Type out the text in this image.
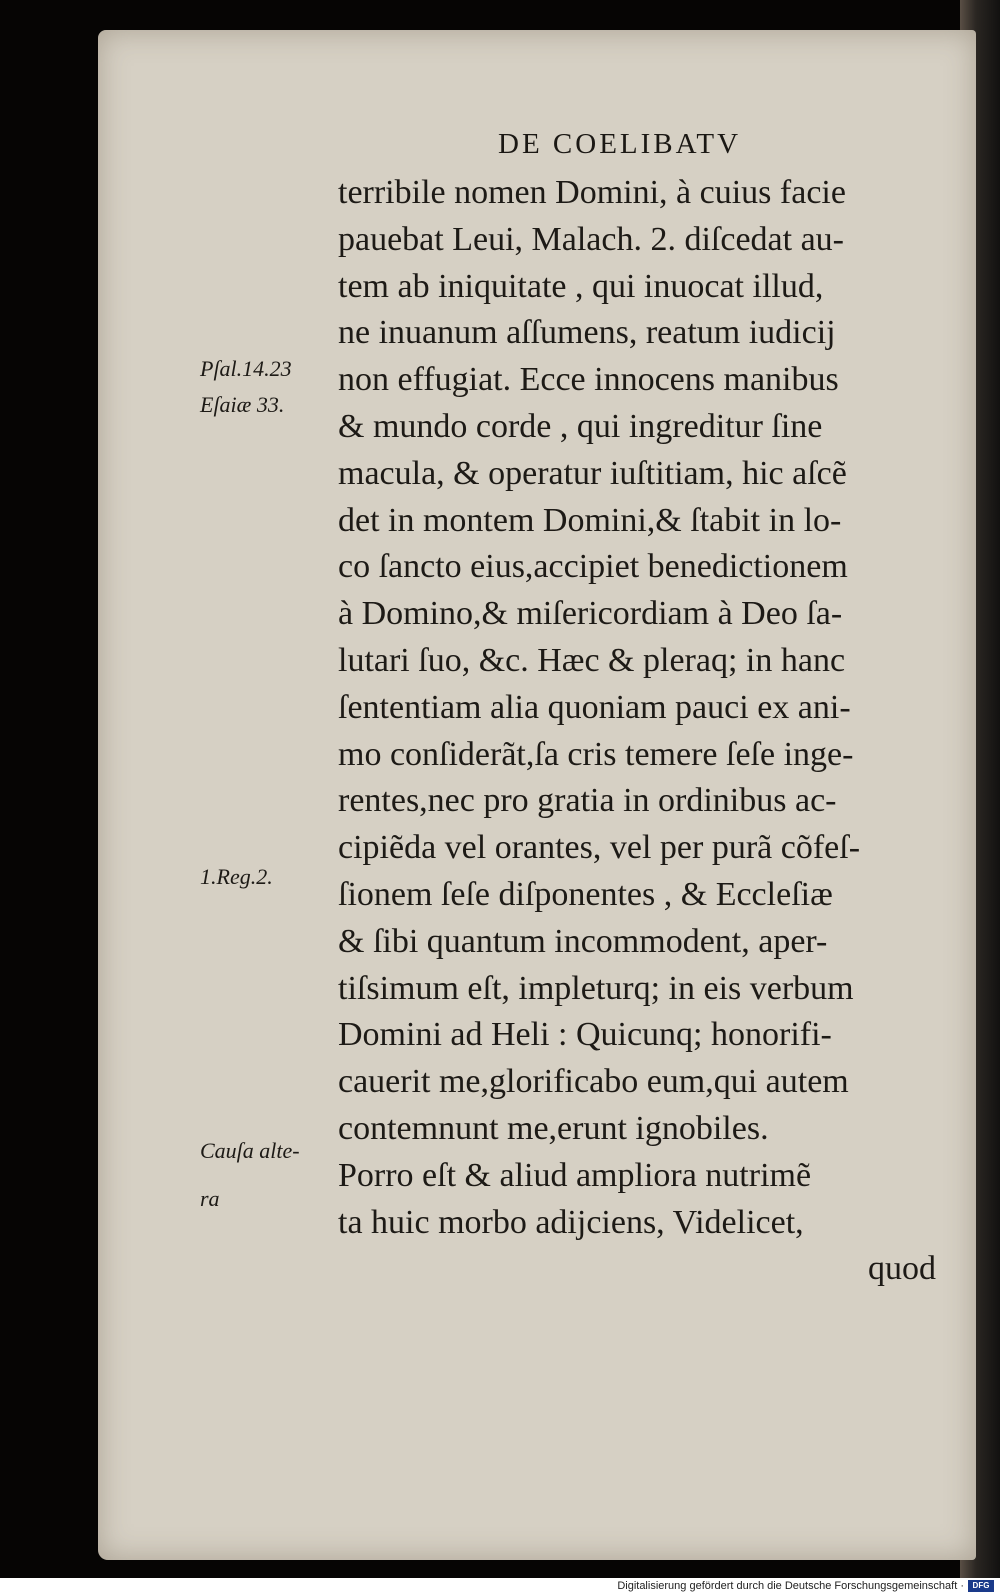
DE COELIBATV
terribile nomen Domini, à cuius facie
pauebat Leui, Malach. 2. diſcedat au-
tem ab iniquitate , qui inuocat illud,
ne inuanum aſſumens, reatum iudicij
non effugiat. Ecce innocens manibus
& mundo corde , qui ingreditur ſine
macula, & operatur iuſtitiam, hic aſcẽ
det in montem Domini,& ſtabit in lo-
co ſancto eius,accipiet benedictionem
à Domino,& miſericordiam à Deo ſa-
lutari ſuo, &c. Hæc & pleraq; in hanc
ſententiam alia quoniam pauci ex ani-
mo conſiderãt,ſa cris temere ſeſe inge-
rentes,nec pro gratia in ordinibus ac-
cipiẽda vel orantes, vel per purã cõfeſ-
ſionem ſeſe diſponentes , & Eccleſiæ
& ſibi quantum incommodent, aper-
tiſsimum eſt, impleturq; in eis verbum
Domini ad Heli : Quicunq; honorifi-
cauerit me,glorificabo eum,qui autem
contemnunt me,erunt ignobiles.
Porro eſt & aliud ampliora nutrimẽ
ta huic morbo adijciens, Videlicet,
quod
Pſal.14.23
Eſaiæ 33.
1.Reg.2.
Cauſa alte-
ra
Digitalisierung gefördert durch die Deutsche Forschungsgemeinschaft ·	DFG
